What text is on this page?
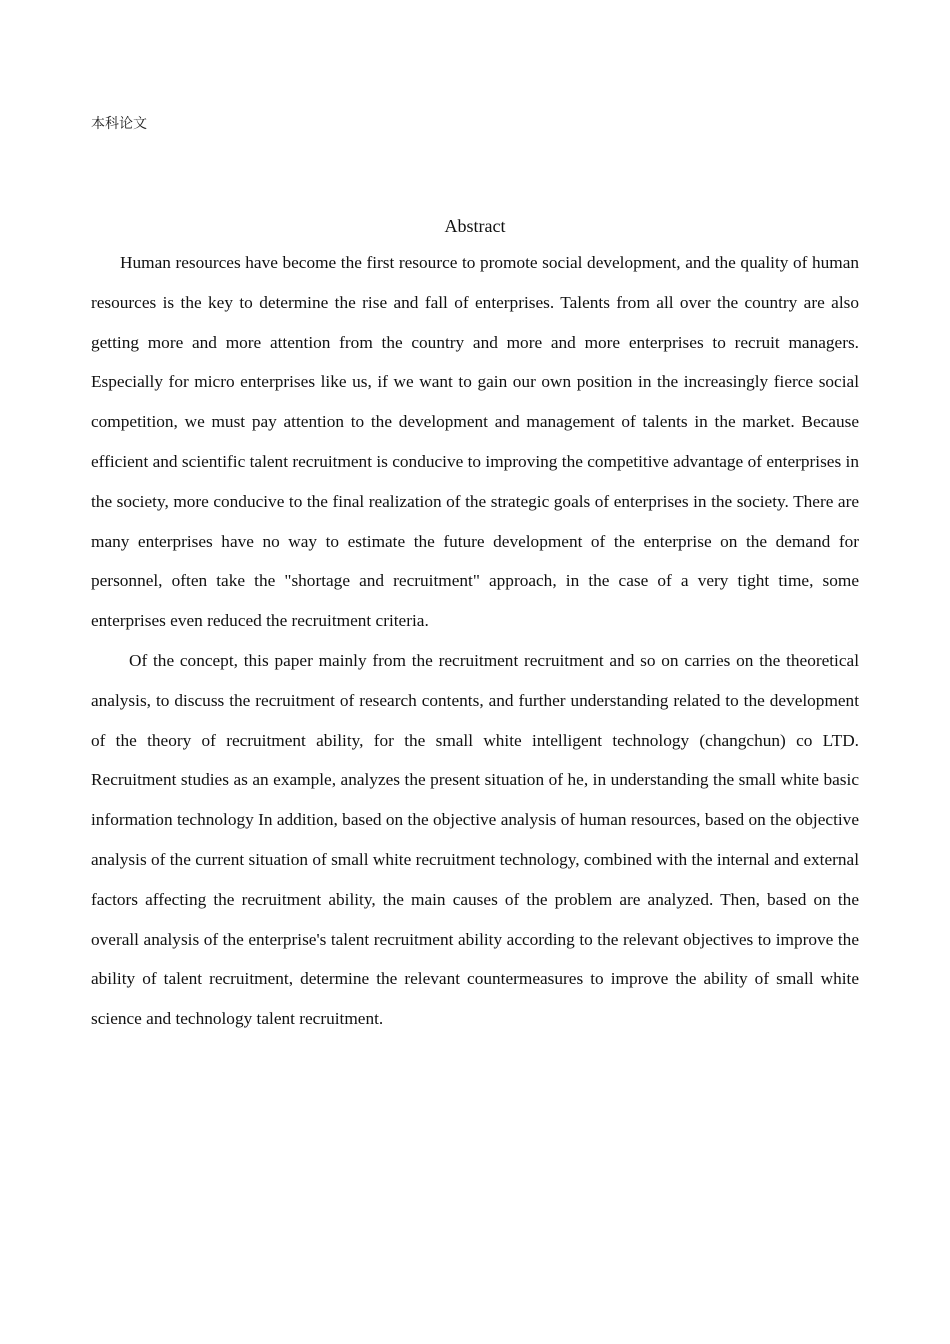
本科论文
Abstract

Human resources have become the first resource to promote social development, and the quality of human resources is the key to determine the rise and fall of enterprises. Talents from all over the country are also getting more and more attention from the country and more and more enterprises to recruit managers. Especially for micro enterprises like us, if we want to gain our own position in the increasingly fierce social competition, we must pay attention to the development and management of talents in the market. Because efficient and scientific talent recruitment is conducive to improving the competitive advantage of enterprises in the society, more conducive to the final realization of the strategic goals of enterprises in the society. There are many enterprises have no way to estimate the future development of the enterprise on the demand for personnel, often take the "shortage and recruitment" approach, in the case of a very tight time, some enterprises even reduced the recruitment criteria.

Of the concept, this paper mainly from the recruitment recruitment and so on carries on the theoretical analysis, to discuss the recruitment of research contents, and further understanding related to the development of the theory of recruitment ability, for the small white intelligent technology (changchun) co LTD. Recruitment studies as an example, analyzes the present situation of he, in understanding the small white basic information technology In addition, based on the objective analysis of human resources, based on the objective analysis of the current situation of small white recruitment technology, combined with the internal and external factors affecting the recruitment ability, the main causes of the problem are analyzed. Then, based on the overall analysis of the enterprise's talent recruitment ability according to the relevant objectives to improve the ability of talent recruitment, determine the relevant countermeasures to improve the ability of small white science and technology talent recruitment.
